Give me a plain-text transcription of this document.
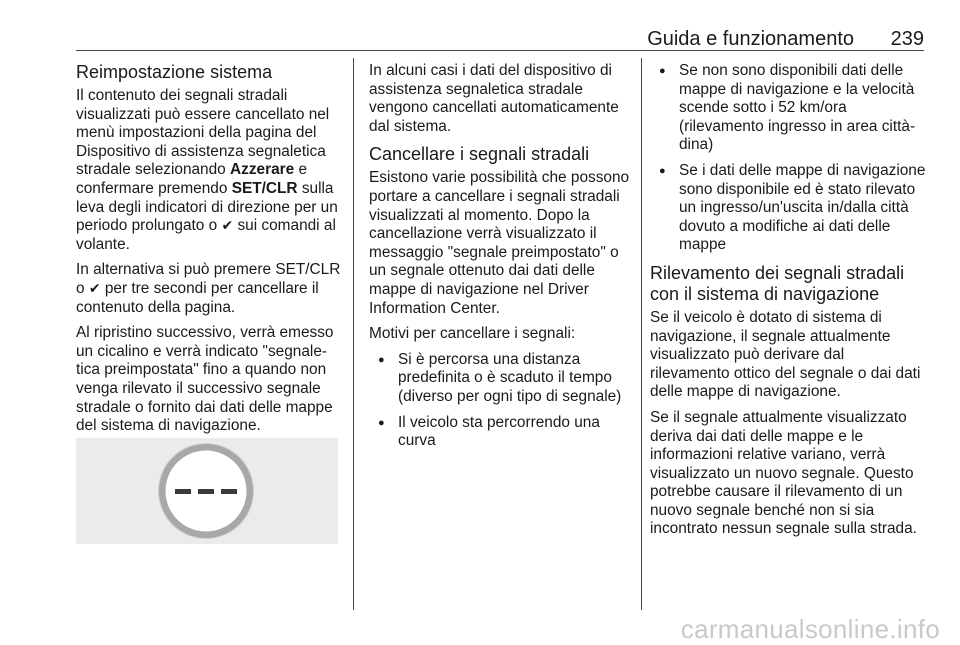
Guida e funzionamento 239
Reimpostazione sistema

Il contenuto dei segnali stradali visualizzati può essere cancellato nel menù impostazioni della pagina del Dispositivo di assistenza segnaletica stradale selezionando Azzerare e confermare premendo SET/CLR sulla leva degli indicatori di direzione per un periodo prolungato o ✔ sui comandi al volante.

In alternativa si può premere SET/CLR o ✔ per tre secondi per cancellare il contenuto della pagina.

Al ripristino successivo, verrà emesso un cicalino e verrà indicato "segnale-tica preimpostata" fino a quando non venga rilevato il successivo segnale stradale o fornito dai dati delle mappe del sistema di navigazione.

In alcuni casi i dati del dispositivo di assistenza segnaletica stradale vengono cancellati automaticamente dal sistema.

Cancellare i segnali stradali

Esistono varie possibilità che possono portare a cancellare i segnali stradali visualizzati al momento. Dopo la cancellazione verrà visualizzato il messaggio "segnale preimpostato" o un segnale ottenuto dai dati delle mappe di navigazione nel Driver Information Center.

Motivi per cancellare i segnali:

● Si è percorsa una distanza predefinita o è scaduto il tempo (diverso per ogni tipo di segnale)
● Il veicolo sta percorrendo una curva
● Se non sono disponibili dati delle mappe di navigazione e la velocità scende sotto i 52 km/ora (rilevamento ingresso in area città-dina)
● Se i dati delle mappe di navigazione sono disponibile ed è stato rilevato un ingresso/un'uscita in/dalla città dovuto a modifiche ai dati delle mappe
Rilevamento dei segnali stradali con il sistema di navigazione

Se il veicolo è dotato di sistema di navigazione, il segnale attualmente visualizzato può derivare dal rilevamento ottico del segnale o dai dati delle mappe di navigazione.

Se il segnale attualmente visualizzato deriva dai dati delle mappe e le informazioni relative variano, verrà visualizzato un nuovo segnale. Questo potrebbe causare il rilevamento di un nuovo segnale benché non si sia incontrato nessun segnale sulla strada.

carmanualsonline.info
